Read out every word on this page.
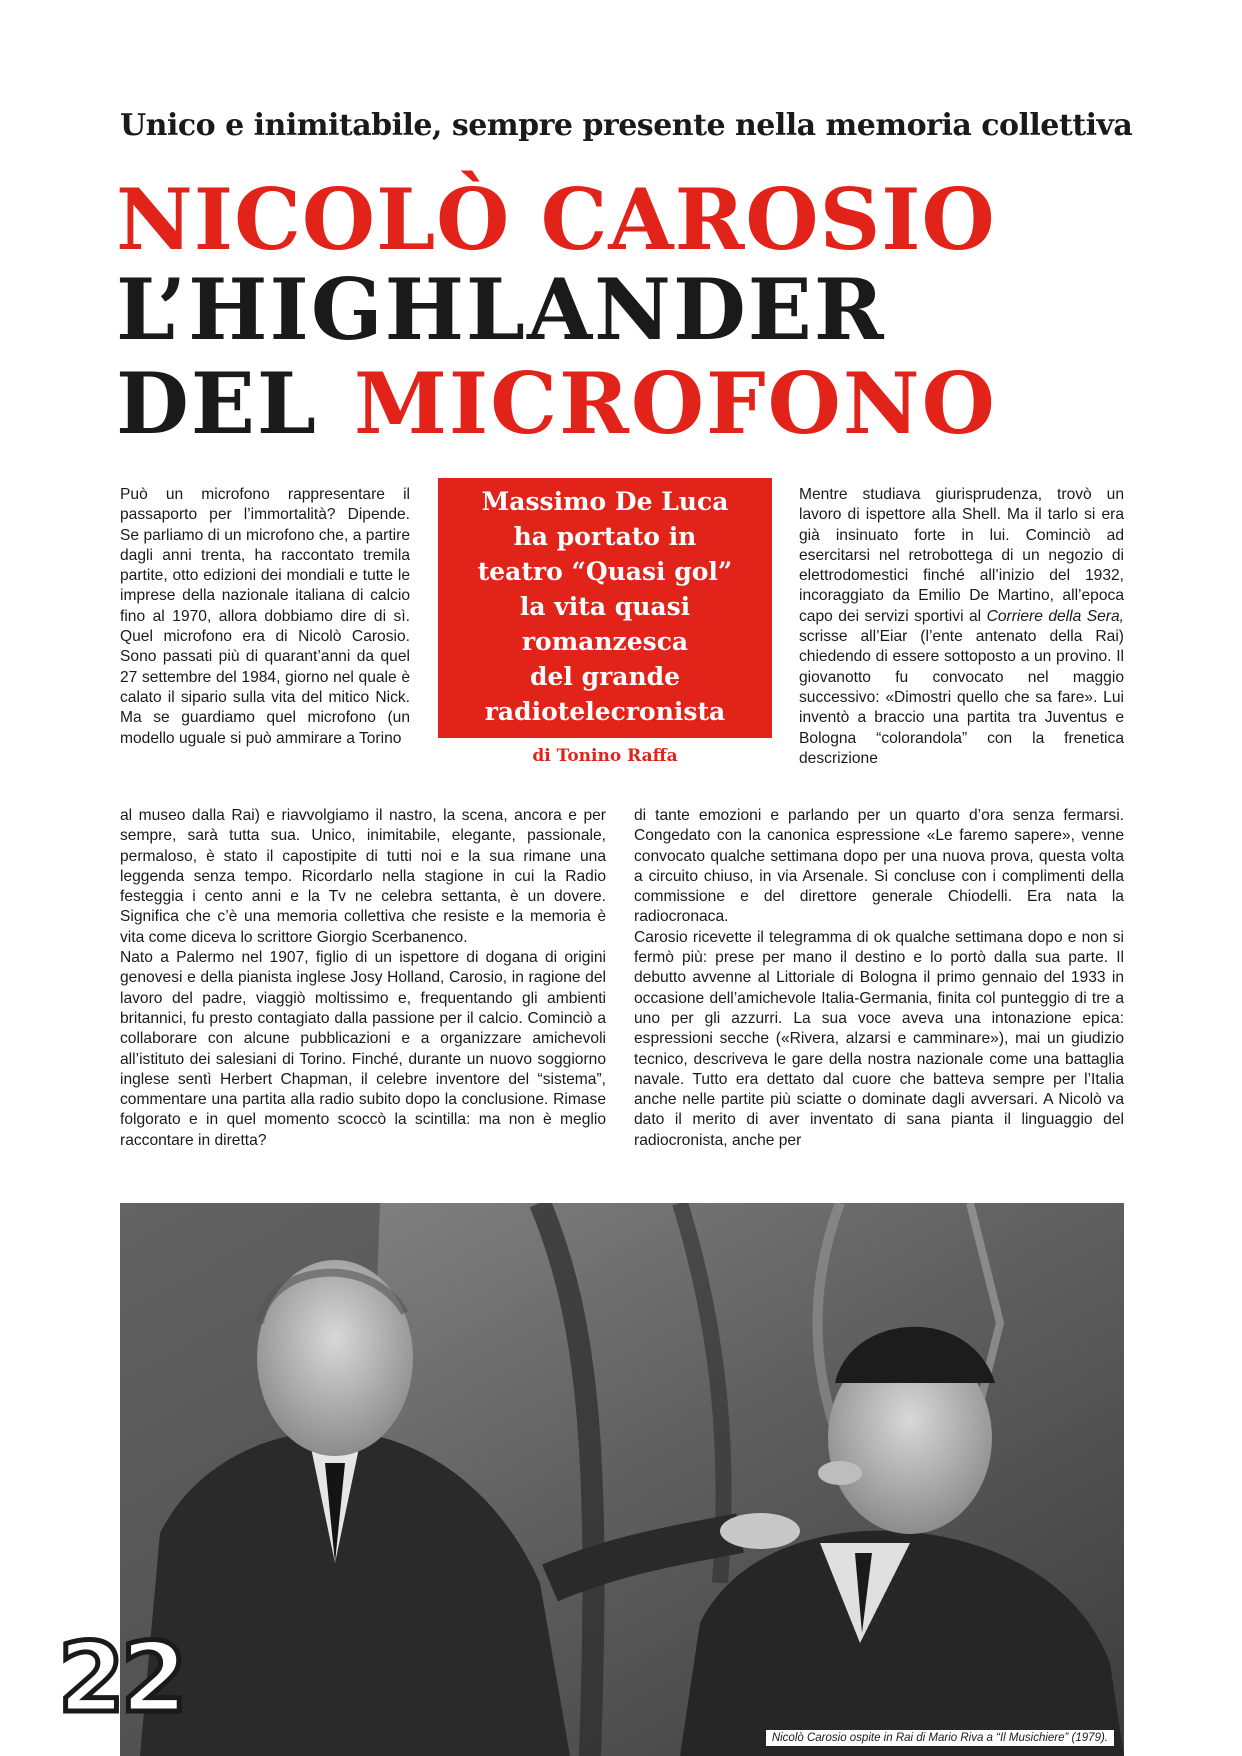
Unico e inimitabile, sempre presente nella memoria collettiva
NICOLÒ CAROSIO
L’HIGHLANDER
DEL MICROFONO

Può un microfono rappresentare il passaporto per l’immortalità? Dipende. Se parliamo di un microfono che, a partire dagli anni trenta, ha raccontato tremila partite, otto edizioni dei mondiali e tutte le imprese della nazionale italiana di calcio fino al 1970, allora dobbiamo dire di sì. Quel microfono era di Nicolò Carosio. Sono passati più di quarant’anni da quel 27 settembre del 1984, giorno nel quale è calato il sipario sulla vita del mitico Nick. Ma se guardiamo quel microfono (un modello uguale si può ammirare a Torino

Massimo De Luca
ha portato in
teatro “Quasi gol”
la vita quasi
romanzesca
del grande
radiotelecronista
di Tonino Raffa

Mentre studiava giurisprudenza, trovò un lavoro di ispettore alla Shell. Ma il tarlo si era già insinuato forte in lui. Cominciò ad esercitarsi nel retrobottega di un negozio di elettrodomestici finché all’inizio del 1932, incoraggiato da Emilio De Martino, all’epoca capo dei servizi sportivi al Corriere della Sera, scrisse all’Eiar (l’ente antenato della Rai) chiedendo di essere sottoposto a un provino. Il giovanotto fu convocato nel maggio successivo: «Dimostri quello che sa fare». Lui inventò a braccio una partita tra Juventus e Bologna “colorandola” con la frenetica descrizione

al museo dalla Rai) e riavvolgiamo il nastro, la scena, ancora e per sempre, sarà tutta sua. Unico, inimitabile, elegante, passionale, permaloso, è stato il capostipite di tutti noi e la sua rimane una leggenda senza tempo. Ricordarlo nella stagione in cui la Radio festeggia i cento anni e la Tv ne celebra settanta, è un dovere. Significa che c’è una memoria collettiva che resiste e la memoria è vita come diceva lo scrittore Giorgio Scerbanenco.

Nato a Palermo nel 1907, figlio di un ispettore di dogana di origini genovesi e della pianista inglese Josy Holland, Carosio, in ragione del lavoro del padre, viaggiò moltissimo e, frequentando gli ambienti britannici, fu presto contagiato dalla passione per il calcio. Cominciò a collaborare con alcune pubblicazioni e a organizzare amichevoli all’istituto dei salesiani di Torino. Finché, durante un nuovo soggiorno inglese sentì Herbert Chapman, il celebre inventore del “sistema”, commentare una partita alla radio subito dopo la conclusione. Rimase folgorato e in quel momento scoccò la scintilla: ma non è meglio raccontare in diretta?

di tante emozioni e parlando per un quarto d’ora senza fermarsi. Congedato con la canonica espressione «Le faremo sapere», venne convocato qualche settimana dopo per una nuova prova, questa volta a circuito chiuso, in via Arsenale. Si concluse con i complimenti della commissione e del direttore generale Chiodelli. Era nata la radiocronaca.

Carosio ricevette il telegramma di ok qualche settimana dopo e non si fermò più: prese per mano il destino e lo portò dalla sua parte. Il debutto avvenne al Littoriale di Bologna il primo gennaio del 1933 in occasione dell’amichevole Italia-Germania, finita col punteggio di tre a uno per gli azzurri. La sua voce aveva una intonazione epica: espressioni secche («Rivera, alzarsi e camminare»), mai un giudizio tecnico, descriveva le gare della nostra nazionale come una battaglia navale. Tutto era dettato dal cuore che batteva sempre per l’Italia anche nelle partite più sciatte o dominate dagli avversari. A Nicolò va dato il merito di aver inventato di sana pianta il linguaggio del radiocronista, anche per

Nicolò Carosio ospite in Rai di Mario Riva a “Il Musichiere” (1979).
22
